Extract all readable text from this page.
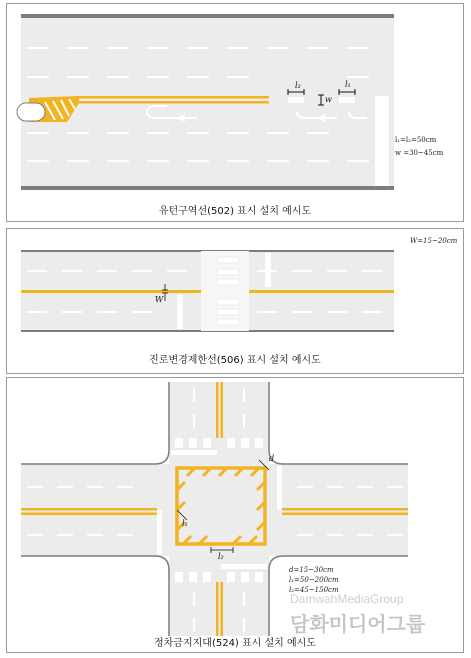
l₂	l₁
w
l₁=l₂=50cm
w =30~45cm
유턴구역선(502) 표시 설치 예시도
W=15~20cm
W
진로변경제한선(506) 표시 설치 예시도
d
l₁
l₂
d=15~30cm
l₁=50~200cm
l₂=45~150cm
정차금지지대(524) 표시 설치 예시도
DamwahMediaGroup
담화미디어그룹
